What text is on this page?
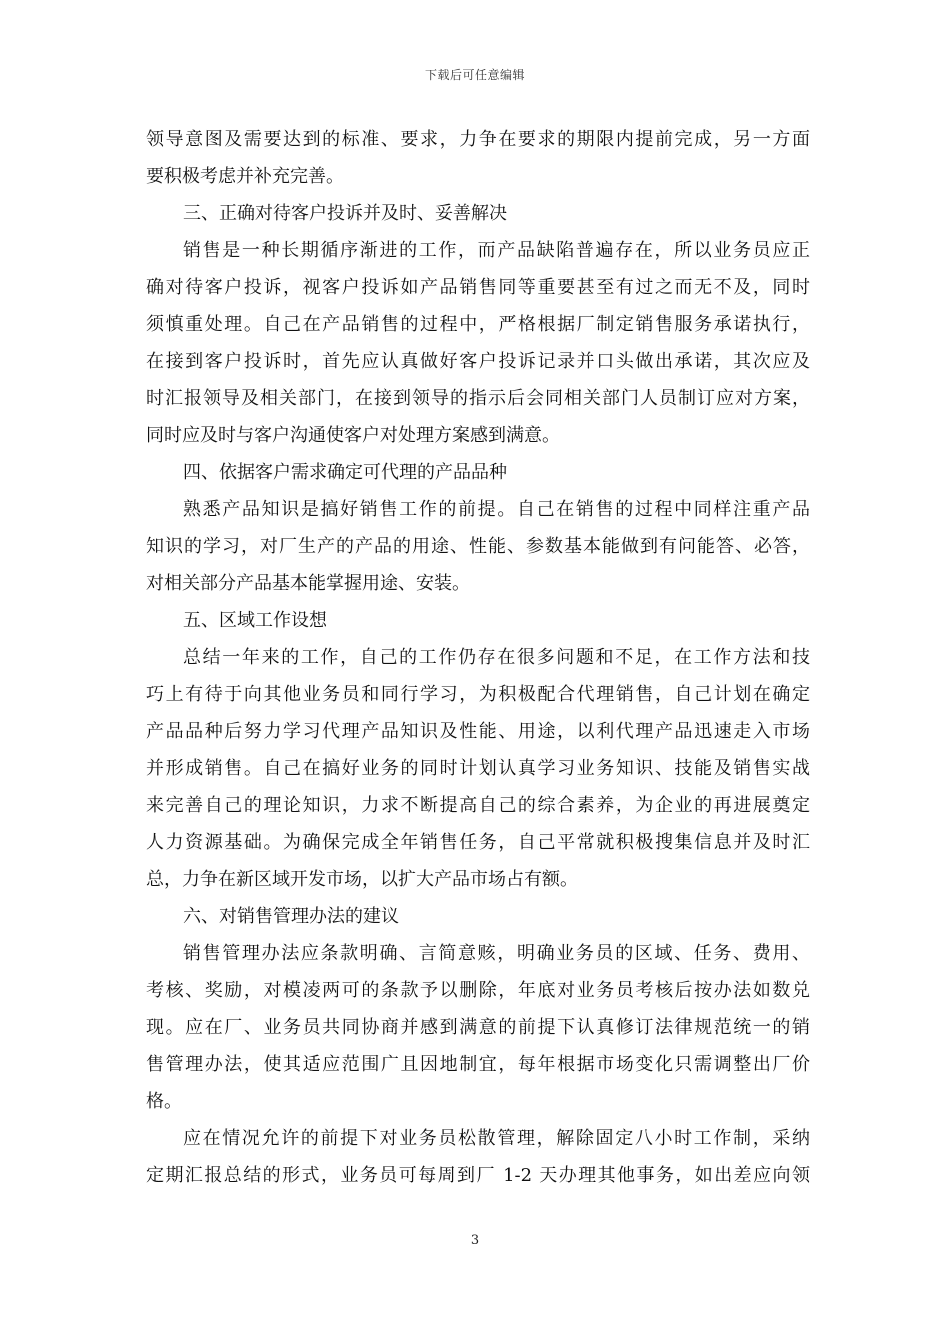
下载后可任意编辑
领导意图及需要达到的标准、要求，力争在要求的期限内提前完成，另一方面
要积极考虑并补充完善。
三、正确对待客户投诉并及时、妥善解决
销售是一种长期循序渐进的工作，而产品缺陷普遍存在，所以业务员应正
确对待客户投诉，视客户投诉如产品销售同等重要甚至有过之而无不及，同时
须慎重处理。自己在产品销售的过程中，严格根据厂制定销售服务承诺执行，
在接到客户投诉时，首先应认真做好客户投诉记录并口头做出承诺，其次应及
时汇报领导及相关部门，在接到领导的指示后会同相关部门人员制订应对方案，
同时应及时与客户沟通使客户对处理方案感到满意。
四、依据客户需求确定可代理的产品品种
熟悉产品知识是搞好销售工作的前提。自己在销售的过程中同样注重产品
知识的学习，对厂生产的产品的用途、性能、参数基本能做到有问能答、必答，
对相关部分产品基本能掌握用途、安装。
五、区域工作设想
总结一年来的工作，自己的工作仍存在很多问题和不足，在工作方法和技
巧上有待于向其他业务员和同行学习，为积极配合代理销售，自己计划在确定
产品品种后努力学习代理产品知识及性能、用途，以利代理产品迅速走入市场
并形成销售。自己在搞好业务的同时计划认真学习业务知识、技能及销售实战
来完善自己的理论知识，力求不断提高自己的综合素养，为企业的再进展奠定
人力资源基础。为确保完成全年销售任务，自己平常就积极搜集信息并及时汇
总，力争在新区域开发市场，以扩大产品市场占有额。
六、对销售管理办法的建议
销售管理办法应条款明确、言简意赅，明确业务员的区域、任务、费用、
考核、奖励，对模凌两可的条款予以删除，年底对业务员考核后按办法如数兑
现。应在厂、业务员共同协商并感到满意的前提下认真修订法律规范统一的销
售管理办法，使其适应范围广且因地制宜，每年根据市场变化只需调整出厂价
格。
应在情况允许的前提下对业务员松散管理，解除固定八小时工作制，采纳
定期汇报总结的形式，业务员可每周到厂 1-2 天办理其他事务，如出差应向领
3
